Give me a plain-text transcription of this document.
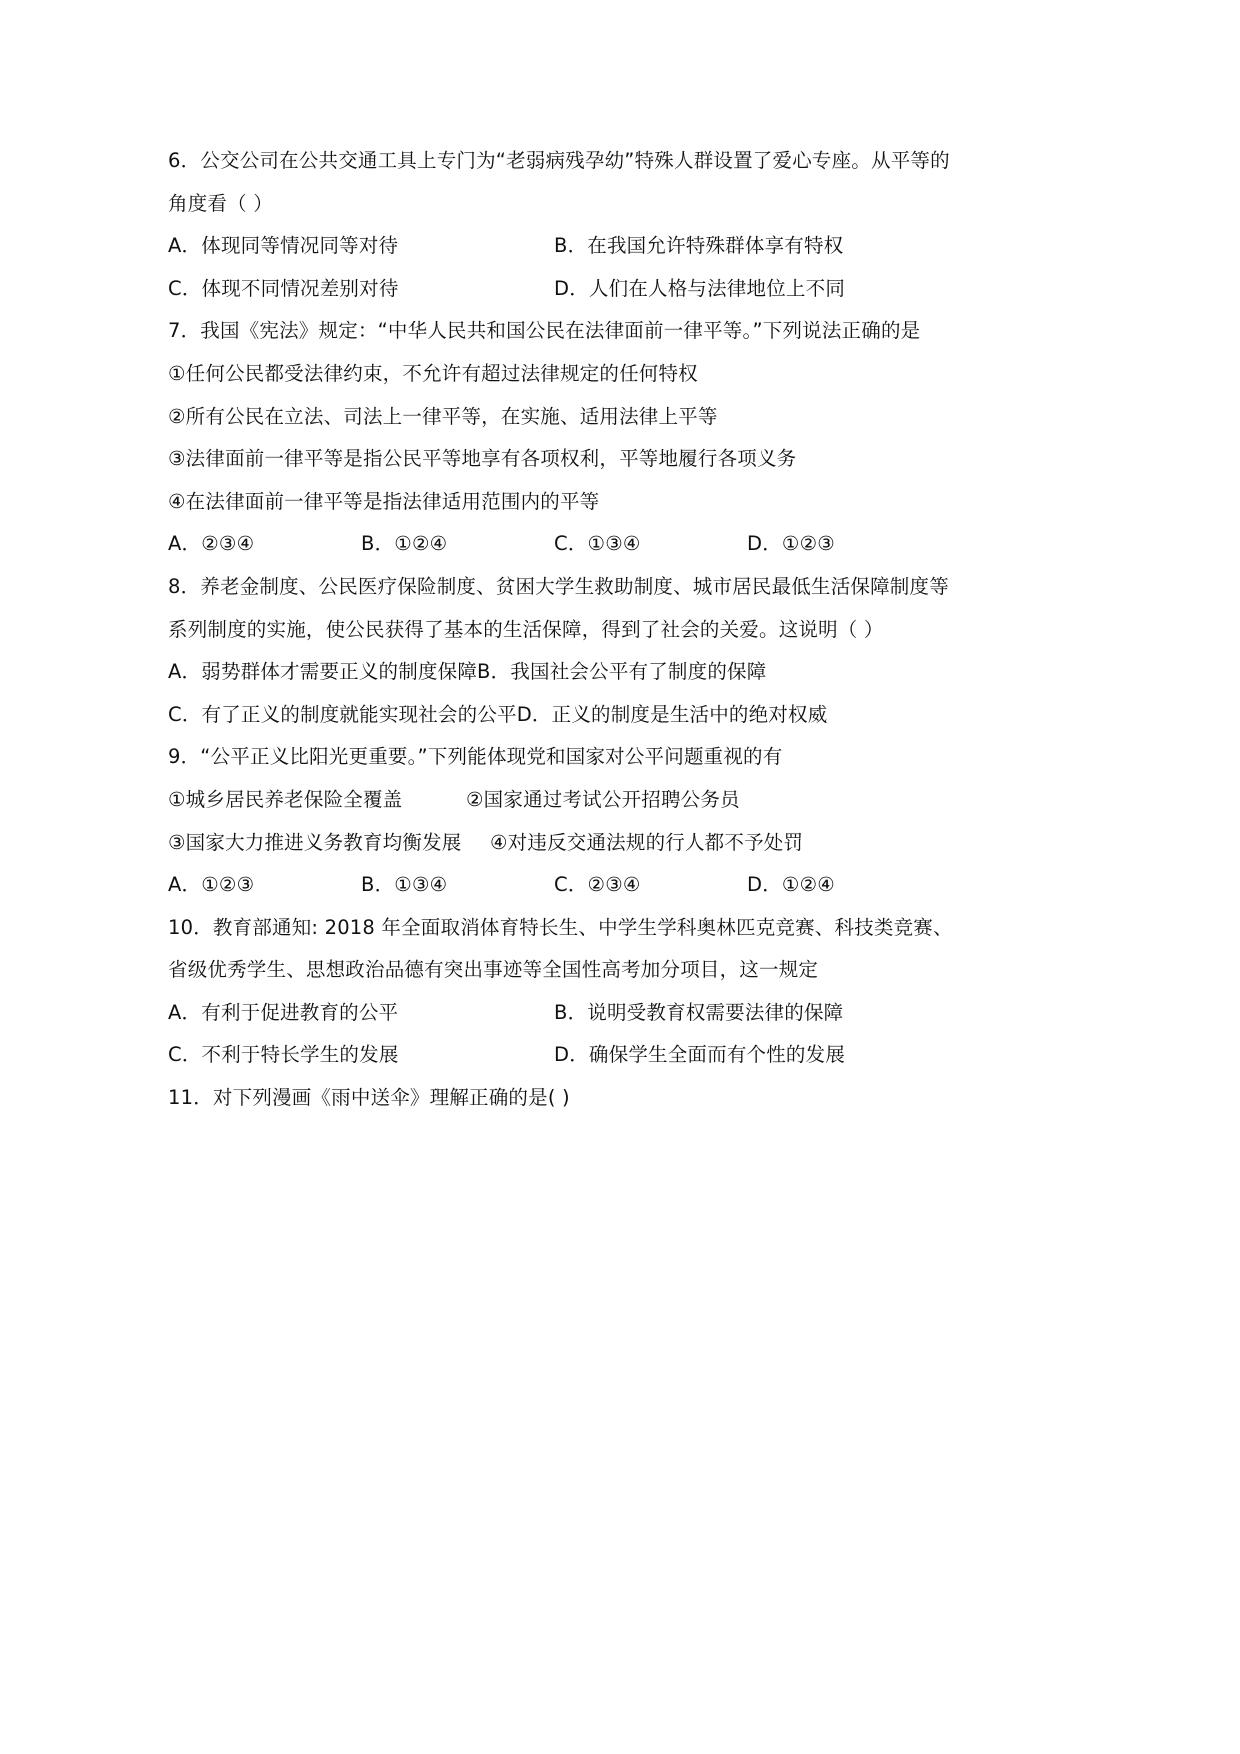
6．公交公司在公共交通工具上专门为“老弱病残孕幼”特殊人群设置了爱心专座。从平等的
角度看（ ）
A．体现同等情况同等对待	B．在我国允许特殊群体享有特权
C．体现不同情况差别对待	D．人们在人格与法律地位上不同
7．我国《宪法》规定：“中华人民共和国公民在法律面前一律平等。”下列说法正确的是
①任何公民都受法律约束，不允许有超过法律规定的任何特权
②所有公民在立法、司法上一律平等，在实施、适用法律上平等
③法律面前一律平等是指公民平等地享有各项权利，平等地履行各项义务
④在法律面前一律平等是指法律适用范围内的平等
A．②③④	B．①②④	C．①③④	D．①②③
8．养老金制度、公民医疗保险制度、贫困大学生救助制度、城市居民最低生活保障制度等
系列制度的实施，使公民获得了基本的生活保障，得到了社会的关爱。这说明（ ）
A．弱势群体才需要正义的制度保障B．我国社会公平有了制度的保障
C．有了正义的制度就能实现社会的公平D．正义的制度是生活中的绝对权威
9．“公平正义比阳光更重要。”下列能体现党和国家对公平问题重视的有
①城乡居民养老保险全覆盖	②国家通过考试公开招聘公务员
③国家大力推进义务教育均衡发展 ④对违反交通法规的行人都不予处罚
A．①②③	B．①③④	C．②③④	D．①②④
10．教育部通知: 2018 年全面取消体育特长生、中学生学科奥林匹克竞赛、科技类竞赛、
省级优秀学生、思想政治品德有突出事迹等全国性高考加分项目，这一规定
A．有利于促进教育的公平	B．说明受教育权需要法律的保障
C．不利于特长学生的发展	D．确保学生全面而有个性的发展
11．对下列漫画《雨中送伞》理解正确的是( )
